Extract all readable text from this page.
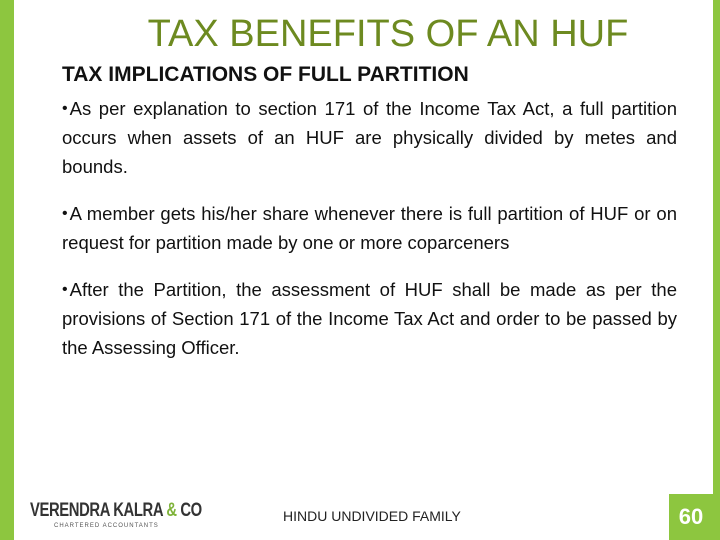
TAX BENEFITS OF AN HUF
TAX IMPLICATIONS OF FULL PARTITION

• As per explanation to section 171 of the Income Tax Act, a full partition occurs when assets of an HUF are physically divided by metes and bounds.

• A member gets his/her share whenever there is full partition of HUF or on request for partition made by one or more coparceners

• After the Partition, the assessment of HUF shall be made as per the provisions of Section 171 of the Income Tax Act and order to be passed by the Assessing Officer.

VERENDRA KALRA & CO
CHARTERED ACCOUNTANTS
HINDU UNDIVIDED FAMILY	60
